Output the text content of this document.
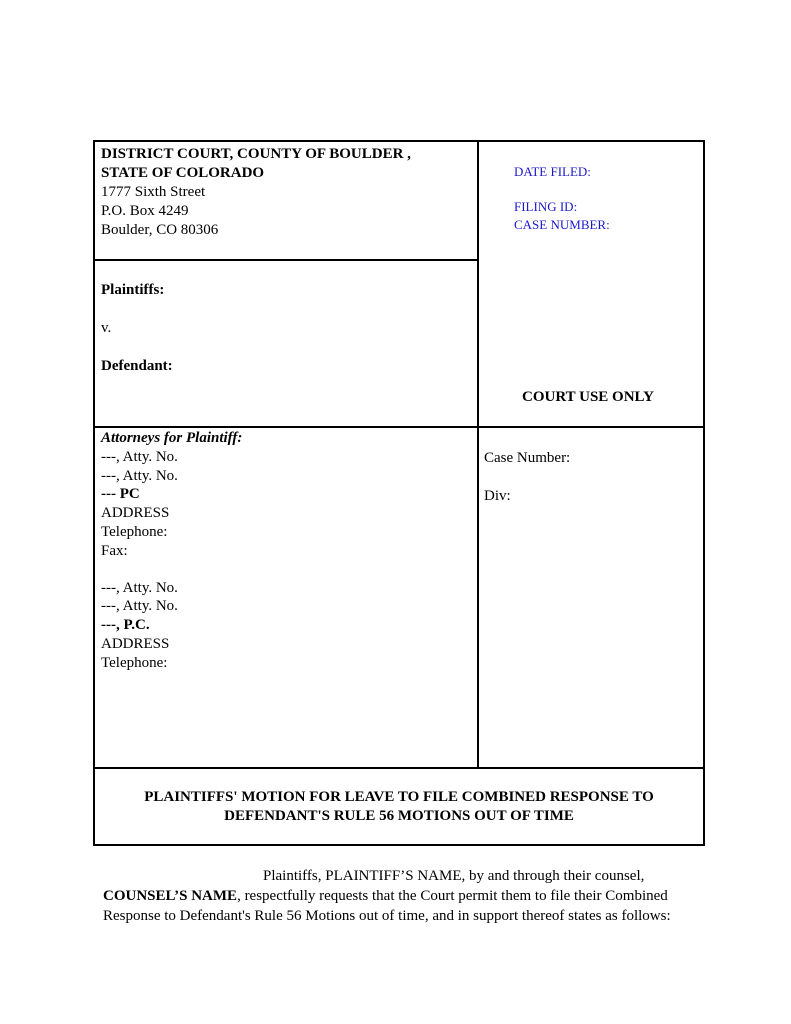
DISTRICT COURT, COUNTY OF BOULDER ,
STATE OF COLORADO
1777 Sixth Street
P.O. Box 4249
Boulder, CO 80306
DATE FILED:
FILING ID:
CASE NUMBER:
COURT USE ONLY
Plaintiffs:
v.
Defendant:
Attorneys for Plaintiff:
---, Atty. No.
---, Atty. No.
--- PC
ADDRESS
Telephone:
Fax:
---, Atty. No.
---, Atty. No.
---, P.C.
ADDRESS
Telephone:
Case Number:
Div:
PLAINTIFFS' MOTION FOR LEAVE TO FILE COMBINED RESPONSE TO
DEFENDANT'S RULE 56 MOTIONS OUT OF TIME
Plaintiffs, PLAINTIFF’S NAME, by and through their counsel,
COUNSEL’S NAME, respectfully requests that the Court permit them to file their Combined
Response to Defendant's Rule 56 Motions out of time, and in support thereof states as follows:
